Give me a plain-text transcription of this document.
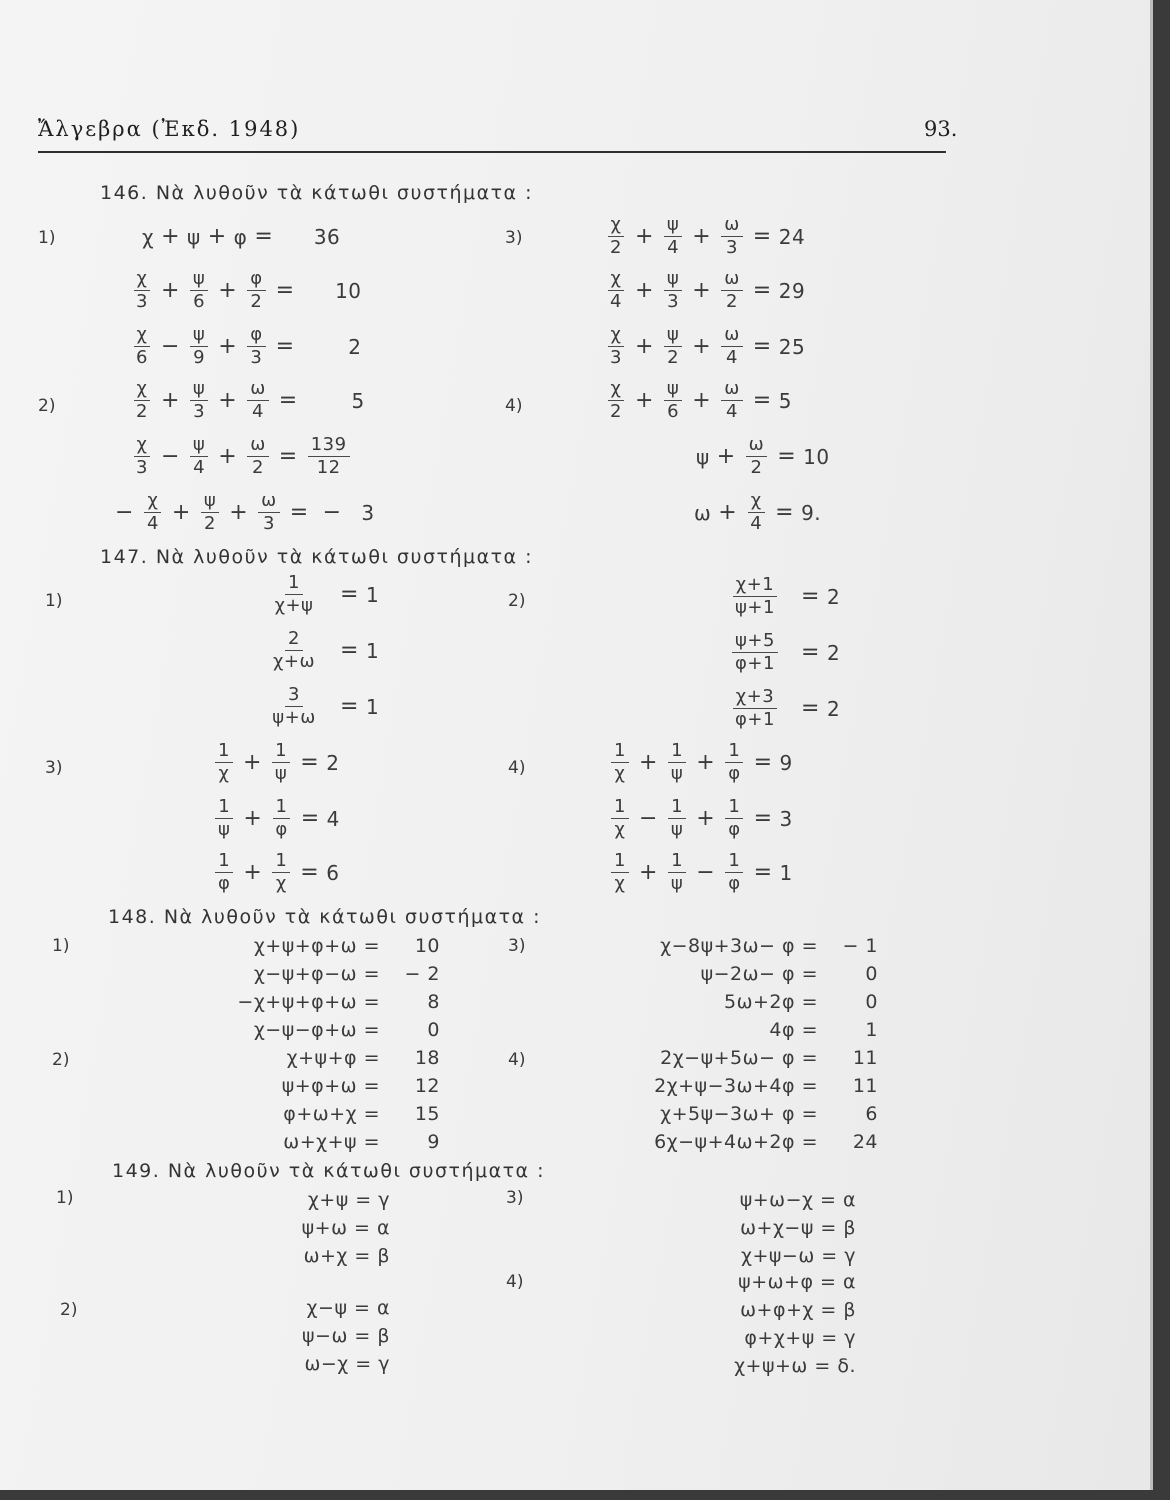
Ἄλγεβρα (Ἐκδ. 1948)	93.
146. Νὰ λυθοῦν τὰ κάτωθι συστήματα :
1)	χ + ψ + φ =	36
$\frac{\chi}{3} + \frac{\psi}{6} + \frac{\varphi}{2}$ =	10
$\frac{\chi}{6} - \frac{\psi}{9} + \frac{\varphi}{3}$ =	2
2)	$\frac{\chi}{2} + \frac{\psi}{3} + \frac{\omega}{4}$ =	5
$\frac{\chi}{3} - \frac{\psi}{4} + \frac{\omega}{2} = \frac{139}{12}$
− $\frac{\chi}{4} + \frac{\psi}{2} + \frac{\omega}{3}$ = − 3
3)	$\frac{\chi}{2} + \frac{\psi}{4} + \frac{\omega}{3} = 24$
$\frac{\chi}{4} + \frac{\psi}{3} + \frac{\omega}{2} = 29$
$\frac{\chi}{3} + \frac{\psi}{2} + \frac{\omega}{4} = 25$
4)	$\frac{\chi}{2} + \frac{\psi}{6} + \frac{\omega}{4} = 5$
$\psi + \frac{\omega}{2} = 10$
$\omega + \frac{\chi}{4} = 9$.
147. Νὰ λυθοῦν τὰ κάτωθι συστήματα :
1)	$\frac{1}{\chi+\psi} = 1$
$\frac{2}{\chi+\omega} = 1$
$\frac{3}{\psi+\omega} = 1$
2)	$\frac{\chi+1}{\psi+1} = 2$
$\frac{\psi+5}{\varphi+1} = 2$
$\frac{\chi+3}{\varphi+1} = 2$
3)	$\frac{1}{\chi} + \frac{1}{\psi} = 2$
$\frac{1}{\psi} + \frac{1}{\varphi} = 4$
$\frac{1}{\varphi} + \frac{1}{\chi} = 6$
4)	$\frac{1}{\chi} + \frac{1}{\psi} + \frac{1}{\varphi} = 9$
$\frac{1}{\chi} - \frac{1}{\psi} + \frac{1}{\varphi} = 3$
$\frac{1}{\chi} + \frac{1}{\psi} - \frac{1}{\varphi} = 1$
148. Νὰ λυθοῦν τὰ κάτωθι συστήματα :
1)	χ+ψ+φ+ω = 10
χ−ψ+φ−ω = − 2
−χ+ψ+φ+ω = 8
χ−ψ−φ+ω = 0
2)	χ+ψ+φ = 18
ψ+φ+ω = 12
φ+ω+χ = 15
ω+χ+ψ = 9
3)	χ−8ψ+3ω− φ = − 1
ψ−2ω− φ = 0
5ω+2φ = 0
4φ = 1
4)	2χ−ψ+5ω− φ = 11
2χ+ψ−3ω+4φ = 11
χ+5ψ−3ω+ φ = 6
6χ−ψ+4ω+2φ = 24
149. Νὰ λυθοῦν τὰ κάτωθι συστήματα :
1)	χ+ψ = γ
ψ+ω = α
ω+χ = β
2)	χ−ψ = α
ψ−ω = β
ω−χ = γ
3)	ψ+ω−χ = α
ω+χ−ψ = β
χ+ψ−ω = γ
4)	ψ+ω+φ = α
ω+φ+χ = β
φ+χ+ψ = γ
χ+ψ+ω = δ.
